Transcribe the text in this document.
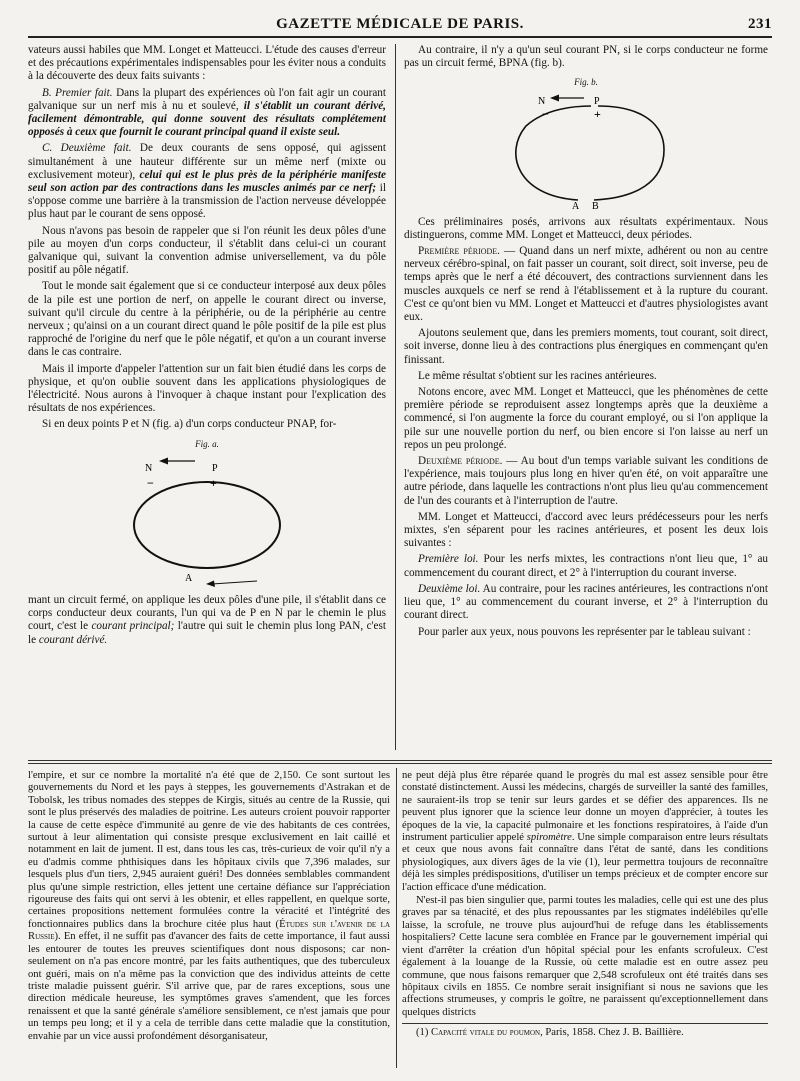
GAZETTE MÉDICALE DE PARIS.	231

vateurs aussi habiles que MM. Longet et Matteucci. L'étude des causes d'erreur et des précautions expérimentales indispensables pour les éviter nous a conduits à la découverte des deux faits suivants :

B. Premier fait. Dans la plupart des expériences où l'on fait agir un courant galvanique sur un nerf mis à nu et soulevé, il s'établit un courant dérivé, facilement démontrable, qui donne souvent des résultats complétement opposés à ceux que fournit le courant principal quand il existe seul.

C. Deuxième fait. De deux courants de sens opposé, qui agissent simultanément à une hauteur différente sur un même nerf (mixte ou exclusivement moteur), celui qui est le plus près de la périphérie manifeste seul son action par des contractions dans les muscles animés par ce nerf; il s'oppose comme une barrière à la transmission de l'action nerveuse développée plus haut par le courant de sens opposé.

Nous n'avons pas besoin de rappeler que si l'on réunit les deux pôles d'une pile au moyen d'un corps conducteur, il s'établit dans celui-ci un courant galvanique qui, suivant la convention admise universellement, va du pôle positif au pôle négatif.

Tout le monde sait également que si ce conducteur interposé aux deux pôles de la pile est une portion de nerf, on appelle le courant direct ou inverse, suivant qu'il circule du centre à la périphérie, ou de la périphérie au centre nerveux ; qu'ainsi on a un courant direct quand le pôle positif de la pile est plus rapproché de l'origine du nerf que le pôle négatif, et qu'on a un courant inverse dans le cas contraire.

Mais il importe d'appeler l'attention sur un fait bien étudié dans les corps de physique, et qu'on oublie souvent dans les applications physiologiques de l'électricité. Nous aurons à l'invoquer à chaque instant pour l'explication des résultats de nos expériences.

Si en deux points P et N (fig. a) d'un corps conducteur PNAP, for-

Fig. a.
N	P
−	+
A

mant un circuit fermé, on applique les deux pôles d'une pile, il s'établit dans ce corps conducteur deux courants, l'un qui va de P en N par le chemin le plus court, c'est le courant principal; l'autre qui suit le chemin plus long PAN, c'est le courant dérivé.

Au contraire, il n'y a qu'un seul courant PN, si le corps conducteur ne forme pas un circuit fermé, BPNA (fig. b).

Fig. b.
N	P
−	+
A B

Ces préliminaires posés, arrivons aux résultats expérimentaux. Nous distinguerons, comme MM. Longet et Matteucci, deux périodes.

Première période. — Quand dans un nerf mixte, adhérent ou non au centre nerveux cérébro-spinal, on fait passer un courant, soit direct, soit inverse, peu de temps après que le nerf a été découvert, des contractions surviennent dans les muscles auxquels ce nerf se rend à l'établissement et à la rupture du courant. C'est ce qu'ont bien vu MM. Longet et Matteucci et d'autres physiologistes avant eux.

Ajoutons seulement que, dans les premiers moments, tout courant, soit direct, soit inverse, donne lieu à des contractions plus énergiques en commençant qu'en finissant.

Le même résultat s'obtient sur les racines antérieures.

Notons encore, avec MM. Longet et Matteucci, que les phénomènes de cette première période se reproduisent assez longtemps après que la deuxième a commencé, si l'on augmente la force du courant employé, ou si l'on applique la pile sur une nouvelle portion du nerf, ou bien encore si l'on laisse au nerf un repos un peu prolongé.

Deuxième période. — Au bout d'un temps variable suivant les conditions de l'expérience, mais toujours plus long en hiver qu'en été, on voit apparaître une autre période, dans laquelle les contractions n'ont plus lieu qu'au commencement de l'un des courants et à l'interruption de l'autre.

MM. Longet et Matteucci, d'accord avec leurs prédécesseurs pour les nerfs mixtes, s'en séparent pour les racines antérieures, et posent les deux lois suivantes :

Première loi. Pour les nerfs mixtes, les contractions n'ont lieu que, 1° au commencement du courant direct, et 2° à l'interruption du courant inverse.

Deuxième loi. Au contraire, pour les racines antérieures, les contractions n'ont lieu que, 1° au commencement du courant inverse, et 2° à l'interruption du courant direct.

Pour parler aux yeux, nous pouvons les représenter par le tableau suivant :

l'empire, et sur ce nombre la mortalité n'a été que de 2,150. Ce sont surtout les gouvernements du Nord et les pays à steppes, les gouvernements d'Astrakan et de Tobolsk, les tribus nomades des steppes de Kirgis, situés au centre de la Russie, qui sont le plus préservés des maladies de poitrine. Les auteurs croient pouvoir rapporter la cause de cette espèce d'immunité au genre de vie des habitants de ces contrées, surtout à leur alimentation qui consiste presque exclusivement en lait caillé et notamment en lait de jument. Il est, dans tous les cas, très-curieux de voir qu'il n'y a eu d'admis comme phthisiques dans les hôpitaux civils que 7,396 malades, sur lesquels plus d'un tiers, 2,945 auraient guéri! Des données semblables commandent plus qu'une simple restriction, elles jettent une certaine défiance sur l'appréciation rigoureuse des faits qui ont servi à les obtenir, et elles rappellent, en quelque sorte, certaines propositions nettement formulées contre la véracité et l'intégrité des fonctionnaires publics dans la brochure citée plus haut (Études sur l'avenir de la Russie). En effet, il ne suffit pas d'avancer des faits de cette importance, il faut aussi les entourer de toutes les preuves scientifiques dont nous disposons; car non-seulement on n'a pas encore montré, par les faits authentiques, que des tuberculeux ont guéri, mais on n'a même pas la conviction que des individus atteints de cette triste maladie puissent guérir. S'il arrive que, par de rares exceptions, sous une direction médicale heureuse, les symptômes graves s'amendent, que les forces renaissent et que la santé générale s'améliore sensiblement, ce n'est jamais que pour un temps peu long; et il y a cela de terrible dans cette maladie que la constitution, envahie par un vice aussi profondément désorganisateur,

ne peut déjà plus être réparée quand le progrès du mal est assez sensible pour être constaté distinctement. Aussi les médecins, chargés de surveiller la santé des familles, ne sauraient-ils trop se tenir sur leurs gardes et se défier des apparences. Ils ne peuvent plus ignorer que la science leur donne un moyen d'apprécier, à toutes les époques de la vie, la capacité pulmonaire et les fonctions respiratoires, à l'aide d'un instrument particulier appelé spiromètre. Une simple comparaison entre leurs résultats et ceux que nous avons fait connaître dans l'état de santé, dans les conditions physiologiques, aux divers âges de la vie (1), leur permettra toujours de reconnaître déjà les simples prédispositions, d'utiliser un temps précieux et de compter encore sur l'action efficace d'une médication.

N'est-il pas bien singulier que, parmi toutes les maladies, celle qui est une des plus graves par sa ténacité, et des plus repoussantes par les stigmates indélébiles qu'elle laisse, la scrofule, ne trouve plus aujourd'hui de refuge dans les établissements hospitaliers? Cette lacune sera comblée en France par le gouvernement impérial qui vient d'arrêter la création d'un hôpital spécial pour les enfants scrofuleux. C'est également à la louange de la Russie, où cette maladie est en outre assez peu commune, que nous faisons remarquer que 2,548 scrofuleux ont été traités dans ses hôpitaux civils en 1855. Ce nombre serait insignifiant si nous ne savions que les affections strumeuses, y compris le goître, ne paraissent qu'exceptionnellement dans quelques districts

(1) Capacité vitale du poumon, Paris, 1858. Chez J. B. Baillière.
